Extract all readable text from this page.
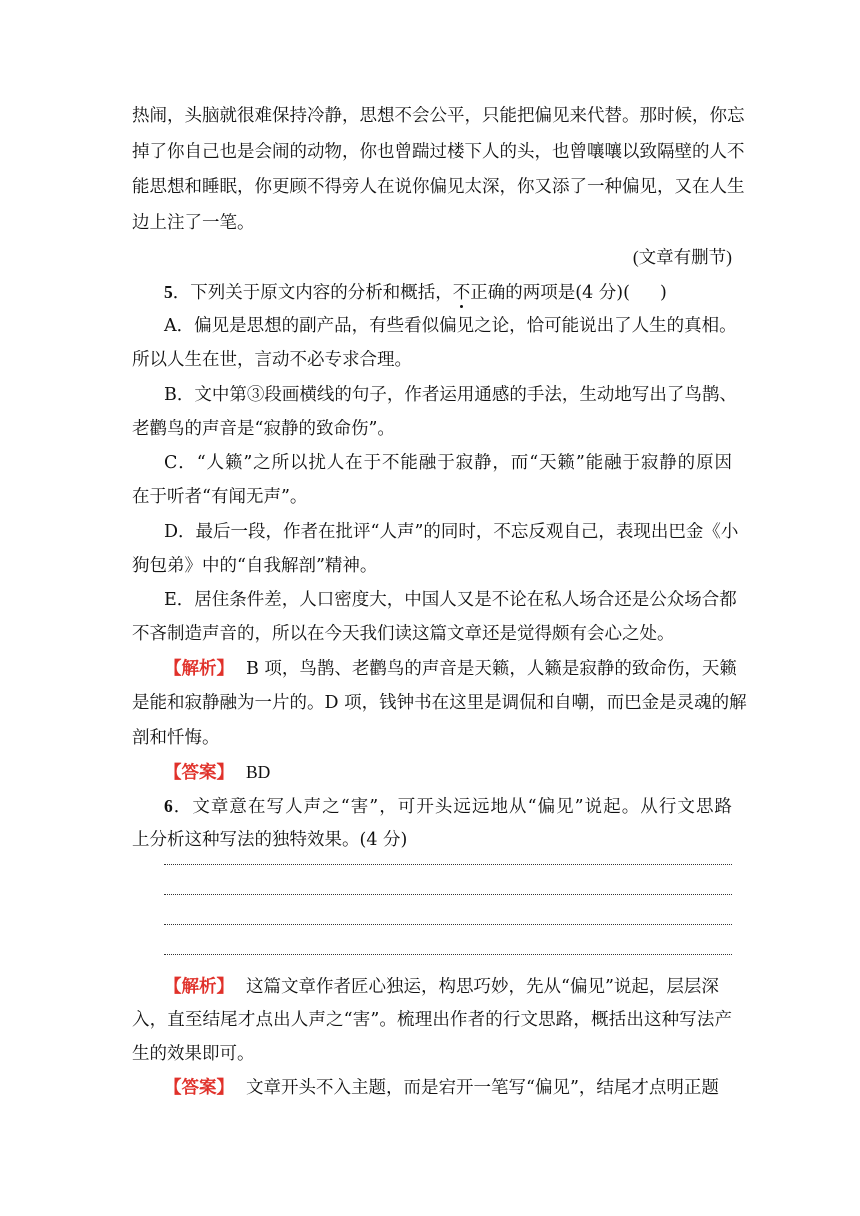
热闹，头脑就很难保持冷静，思想不会公平，只能把偏见来代替。那时候，你忘
掉了你自己也是会闹的动物，你也曾踹过楼下人的头，也曾嚷嚷以致隔壁的人不
能思想和睡眠，你更顾不得旁人在说你偏见太深，你又添了一种偏见，又在人生
边上注了一笔。
(文章有删节)
5．下列关于原文内容的分析和概括，不正确的两项是(4 分)( )
A．偏见是思想的副产品，有些看似偏见之论，恰可能说出了人生的真相。
所以人生在世，言动不必专求合理。
B．文中第③段画横线的句子，作者运用通感的手法，生动地写出了鸟鹊、
老鹳鸟的声音是“寂静的致命伤”。
C．“人籁”之所以扰人在于不能融于寂静，而“天籁”能融于寂静的原因
在于听者“有闻无声”。
D．最后一段，作者在批评“人声”的同时，不忘反观自己，表现出巴金《小
狗包弟》中的“自我解剖”精神。
E．居住条件差，人口密度大，中国人又是不论在私人场合还是公众场合都
不吝制造声音的，所以在今天我们读这篇文章还是觉得颇有会心之处。
【解析】 B 项，鸟鹊、老鹳鸟的声音是天籁，人籁是寂静的致命伤，天籁
是能和寂静融为一片的。D 项，钱钟书在这里是调侃和自嘲，而巴金是灵魂的解
剖和忏悔。
【答案】 BD
6．文章意在写人声之“害”，可开头远远地从“偏见”说起。从行文思路
上分析这种写法的独特效果。(4 分)
【解析】 这篇文章作者匠心独运，构思巧妙，先从“偏见”说起，层层深
入，直至结尾才点出人声之“害”。梳理出作者的行文思路，概括出这种写法产
生的效果即可。
【答案】 文章开头不入主题，而是宕开一笔写“偏见”，结尾才点明正题
